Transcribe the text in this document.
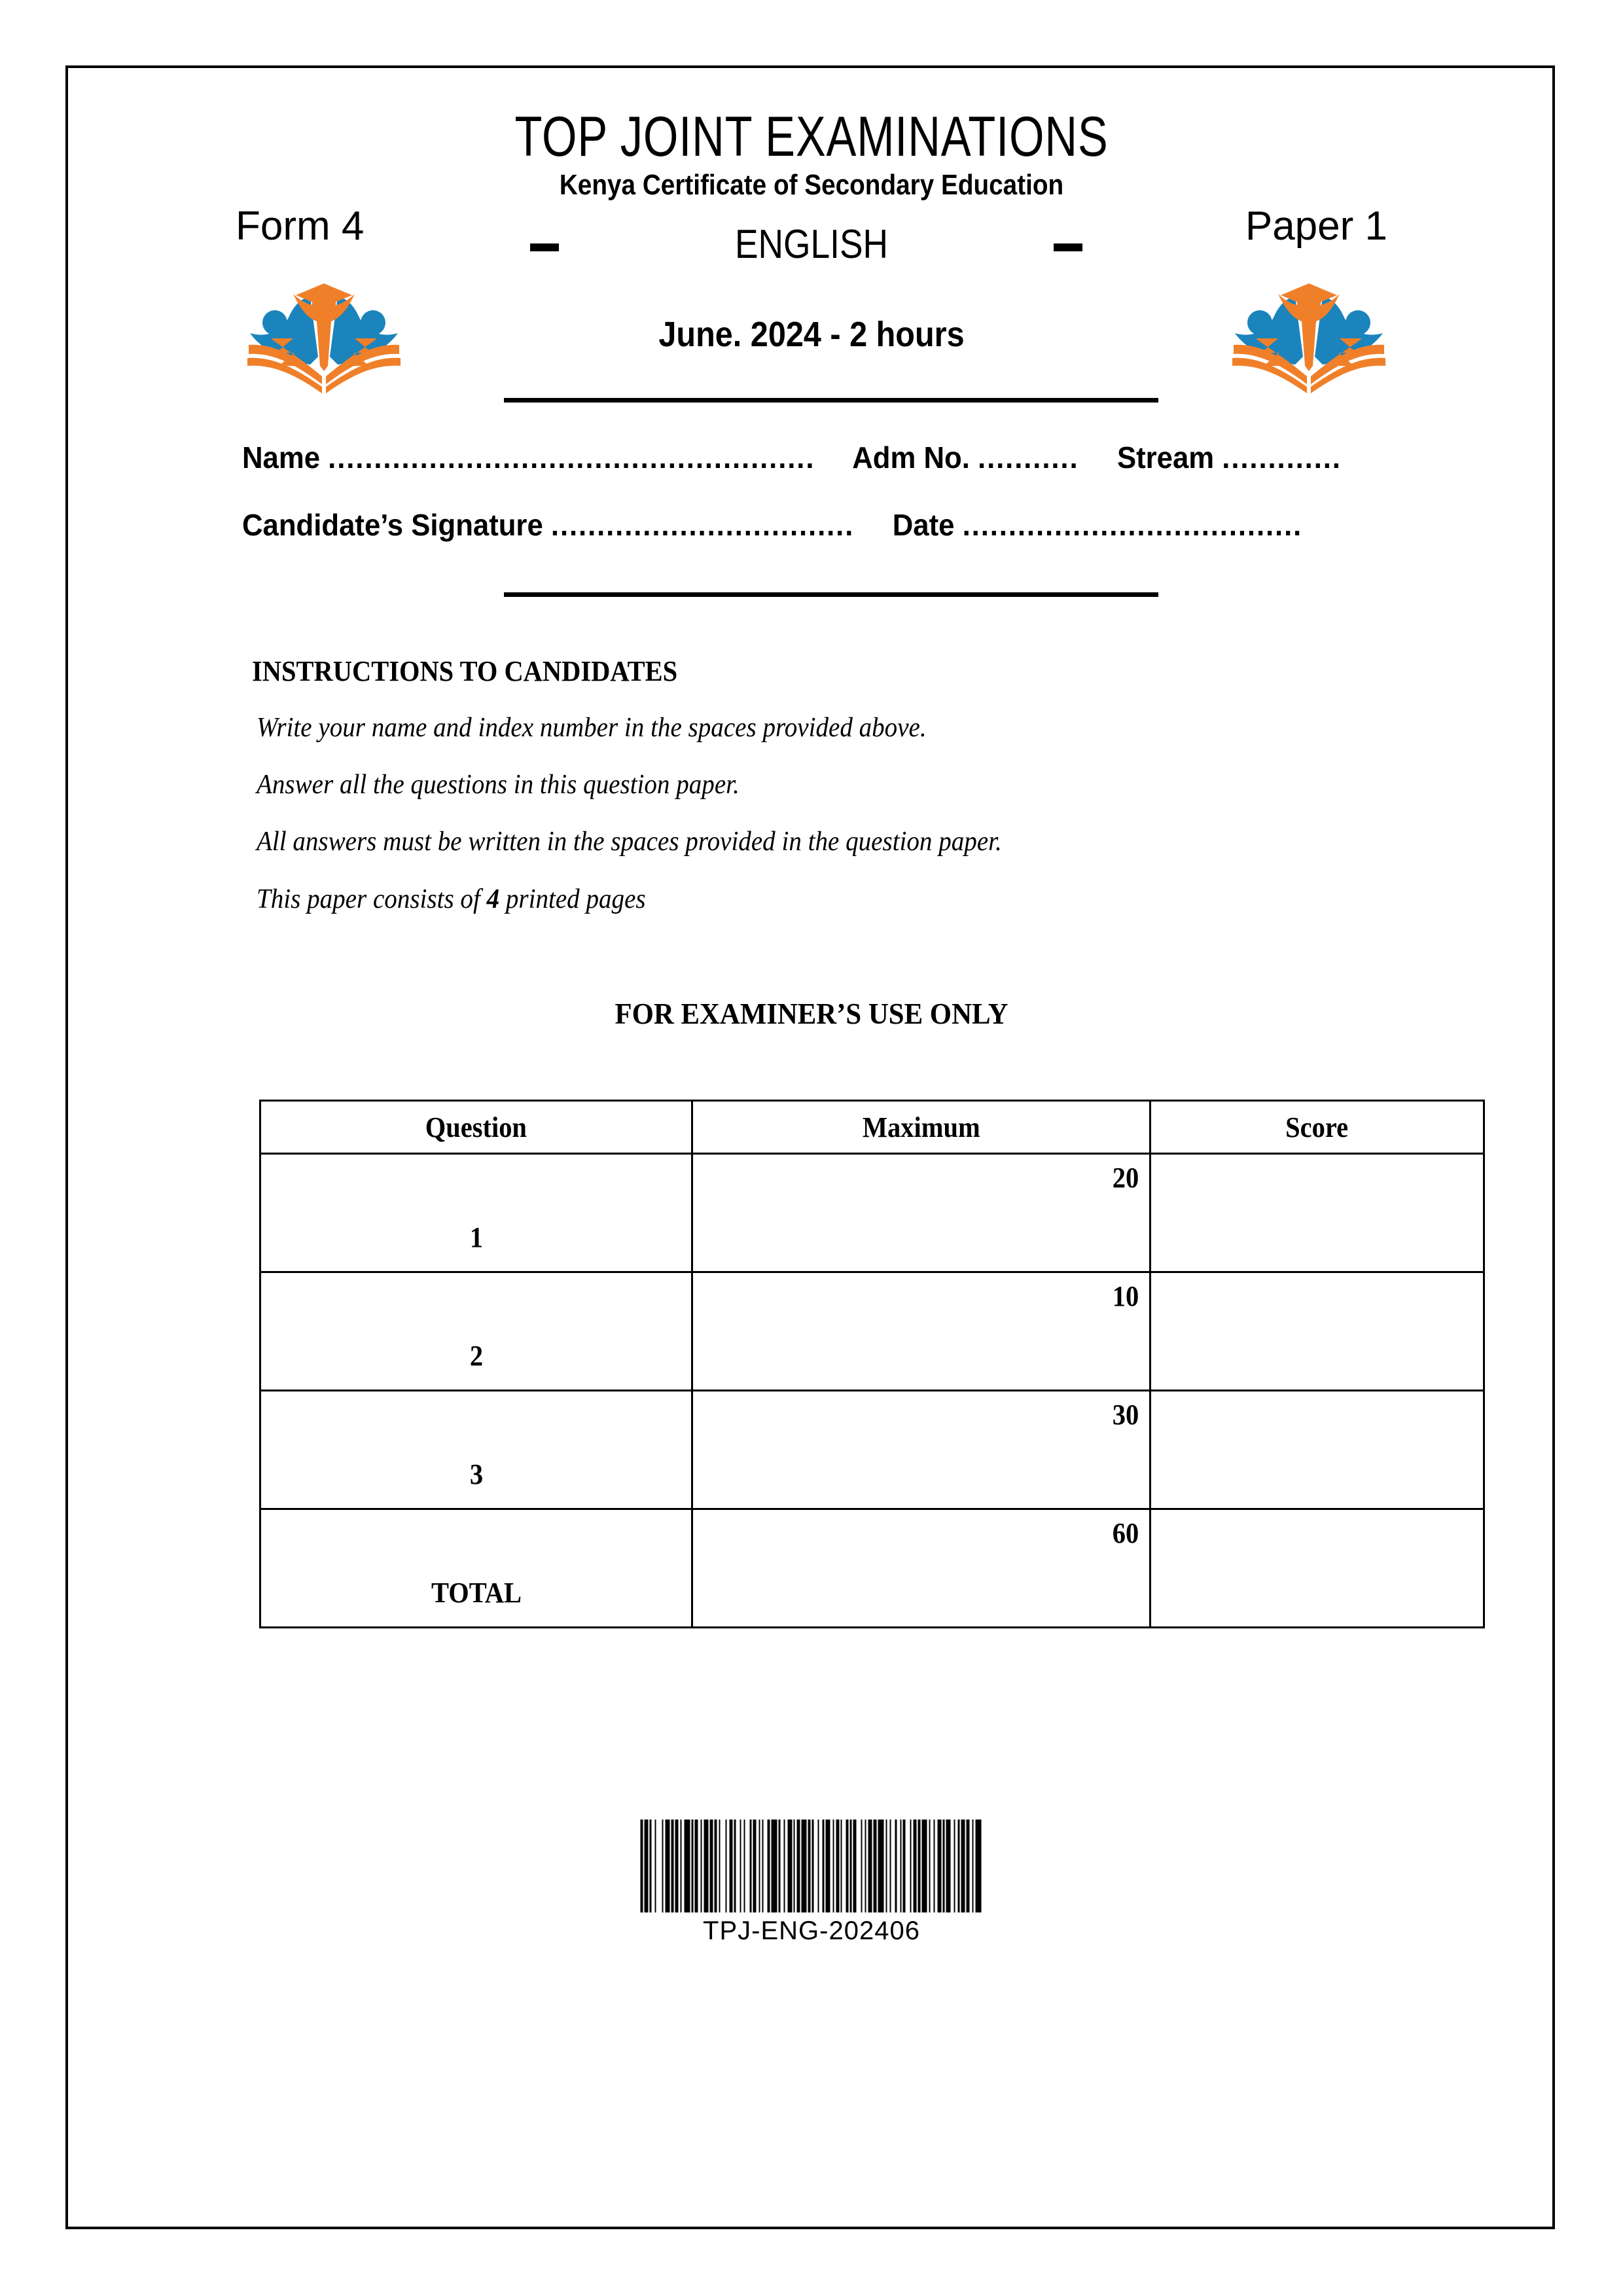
TOP JOINT EXAMINATIONS
Kenya Certificate of Secondary Education
Form 4	Paper 1
ENGLISH
June. 2024 - 2 hours
Name ..................................................... Adm No. ........... Stream .............
Candidate’s Signature ................................. Date .....................................
INSTRUCTIONS TO CANDIDATES
Write your name and index number in the spaces provided above.
Answer all the questions in this question paper.
All answers must be written in the spaces provided in the question paper.
This paper consists of 4 printed pages
FOR EXAMINER’S USE ONLY
Question	Maximum	Score
1	20	
2	10	
3	30	
TOTAL	60	
TPJ-ENG-202406
